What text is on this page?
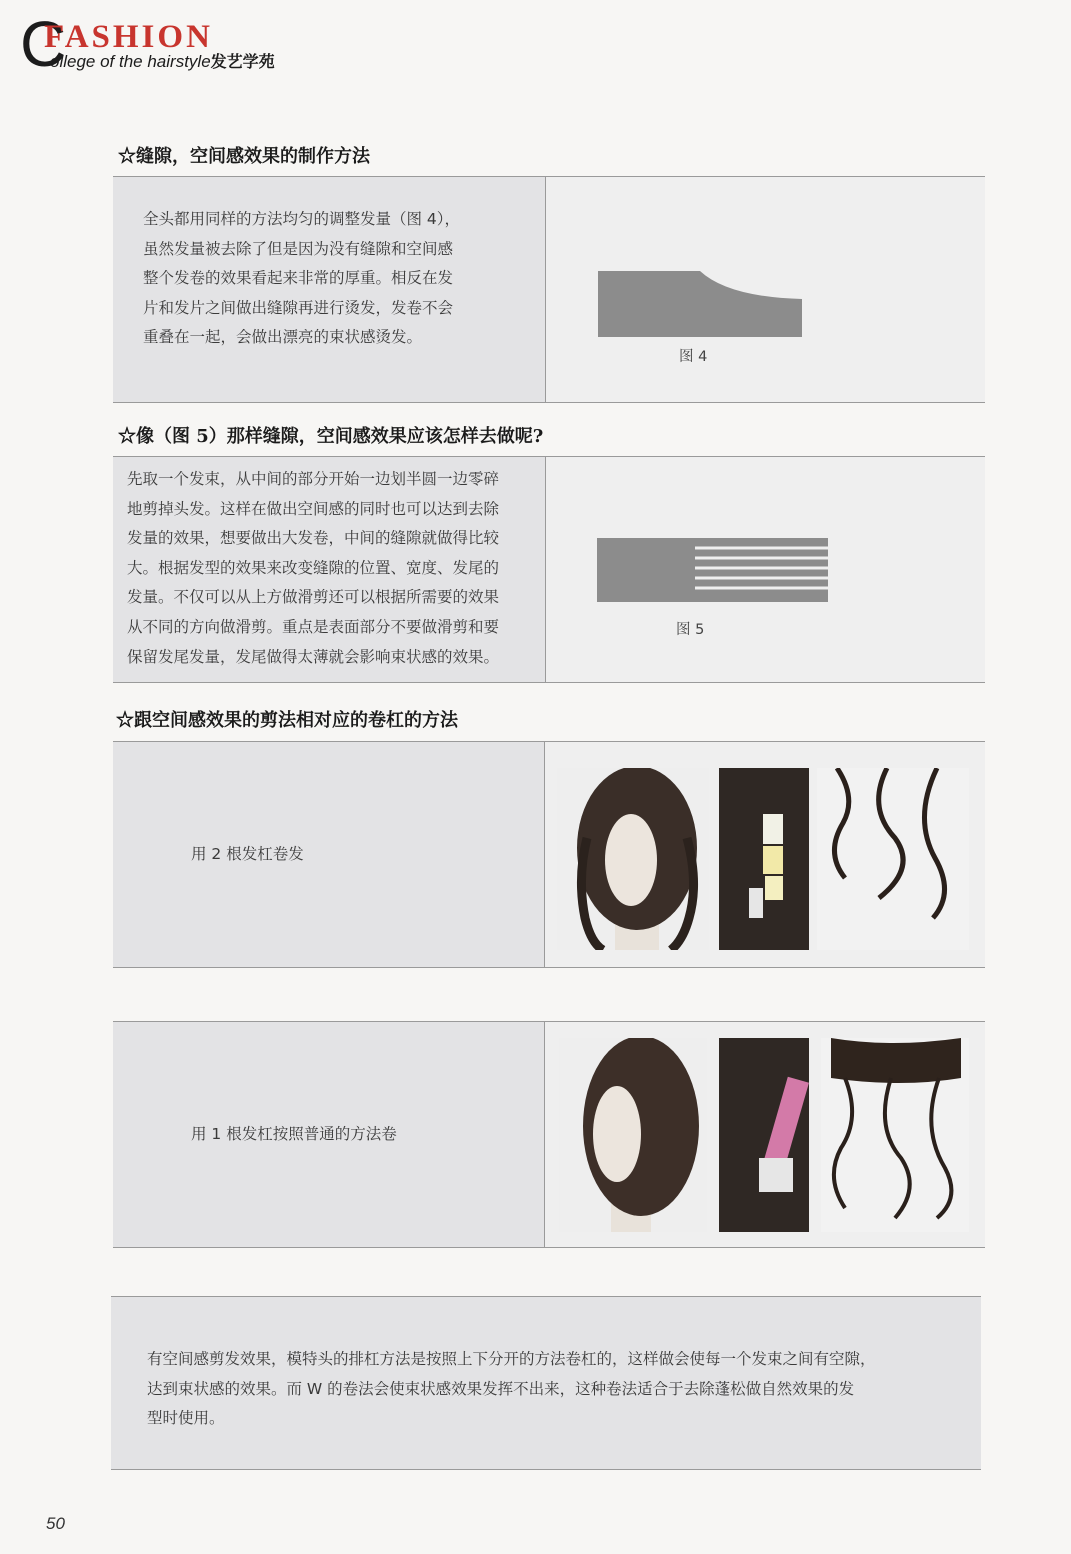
C
FASHION
ollege of the hairstyle发艺学苑
☆缝隙，空间感效果的制作方法
全头都用同样的方法均匀的调整发量（图 4），
虽然发量被去除了但是因为没有缝隙和空间感
整个发卷的效果看起来非常的厚重。相反在发
片和发片之间做出缝隙再进行烫发，发卷不会
重叠在一起，会做出漂亮的束状感烫发。
图 4
☆像（图 5）那样缝隙，空间感效果应该怎样去做呢?
先取一个发束，从中间的部分开始一边划半圆一边零碎
地剪掉头发。这样在做出空间感的同时也可以达到去除
发量的效果，想要做出大发卷，中间的缝隙就做得比较
大。根据发型的效果来改变缝隙的位置、宽度、发尾的
发量。不仅可以从上方做滑剪还可以根据所需要的效果
从不同的方向做滑剪。重点是表面部分不要做滑剪和要
保留发尾发量，发尾做得太薄就会影响束状感的效果。
图 5
☆跟空间感效果的剪法相对应的卷杠的方法
用 2 根发杠卷发
用 1 根发杠按照普通的方法卷
有空间感剪发效果，模特头的排杠方法是按照上下分开的方法卷杠的，这样做会使每一个发束之间有空隙，
达到束状感的效果。而 W 的卷法会使束状感效果发挥不出来，这种卷法适合于去除蓬松做自然效果的发
型时使用。
50
